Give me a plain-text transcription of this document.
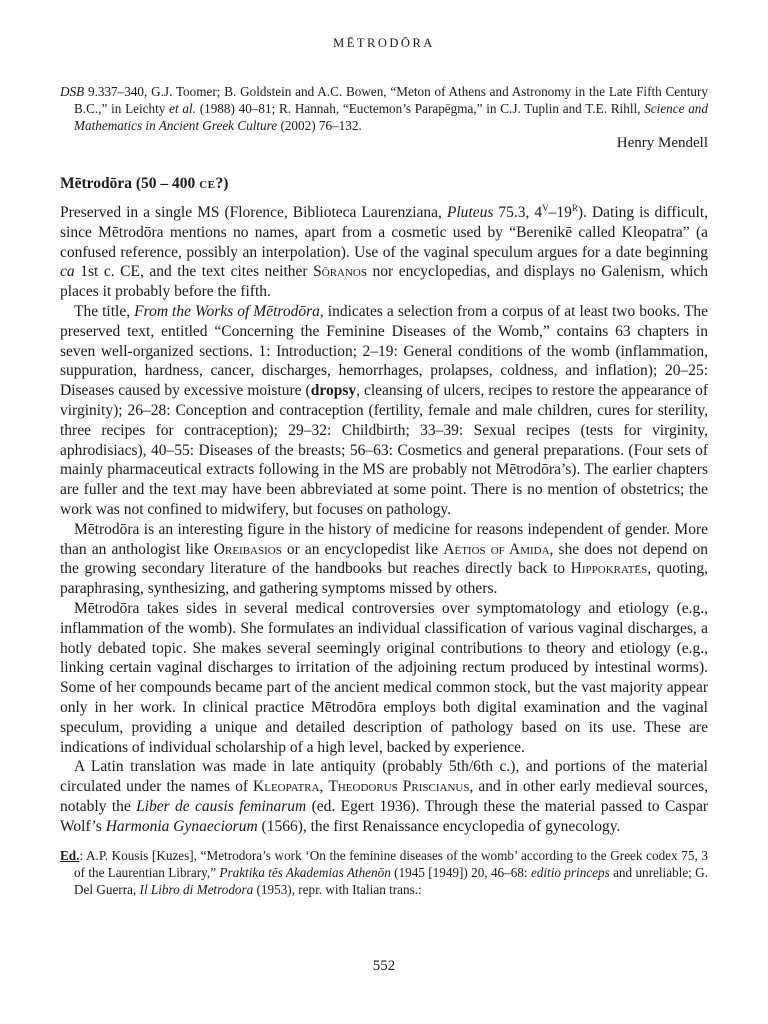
MĒTRODŌRA

DSB 9.337–340, G.J. Toomer; B. Goldstein and A.C. Bowen, “Meton of Athens and Astronomy in the Late Fifth Century B.C.,” in Leichty et al. (1988) 40–81; R. Hannah, “Euctemon’s Parapēgma,” in C.J. Tuplin and T.E. Rihll, Science and Mathematics in Ancient Greek Culture (2002) 76–132.

Henry Mendell
Mētrodōra (50 – 400 CE?)

Preserved in a single MS (Florence, Biblioteca Laurenziana, Pluteus 75.3, $4^V-19^R$). Dating is difficult, since Mētrodōra mentions no names, apart from a cosmetic used by “Berenikē called Kleopatra” (a confused reference, possibly an interpolation). Use of the vaginal speculum argues for a date beginning ca 1st c. CE, and the text cites neither Sōranos nor encyclopedias, and displays no Galenism, which places it probably before the fifth.

The title, From the Works of Mētrodōra, indicates a selection from a corpus of at least two books. The preserved text, entitled “Concerning the Feminine Diseases of the Womb,” contains 63 chapters in seven well-organized sections. 1: Introduction; 2–19: General conditions of the womb (inflammation, suppuration, hardness, cancer, discharges, hemorrhages, prolapses, coldness, and inflation); 20–25: Diseases caused by excessive moisture (dropsy, cleansing of ulcers, recipes to restore the appearance of virginity); 26–28: Conception and contraception (fertility, female and male children, cures for sterility, three recipes for contraception); 29–32: Childbirth; 33–39: Sexual recipes (tests for virginity, aphrodisiacs), 40–55: Diseases of the breasts; 56–63: Cosmetics and general preparations. (Four sets of mainly pharmaceutical extracts following in the MS are probably not Mētrodōra’s). The earlier chapters are fuller and the text may have been abbreviated at some point. There is no mention of obstetrics; the work was not confined to midwifery, but focuses on pathology.

Mētrodōra is an interesting figure in the history of medicine for reasons independent of gender. More than an anthologist like Oreibasios or an encyclopedist like Aëtios of Amida, she does not depend on the growing secondary literature of the handbooks but reaches directly back to Hippokratēs, quoting, paraphrasing, synthesizing, and gathering symptoms missed by others.

Mētrodōra takes sides in several medical controversies over symptomatology and etiology (e.g., inflammation of the womb). She formulates an individual classification of various vaginal discharges, a hotly debated topic. She makes several seemingly original contributions to theory and etiology (e.g., linking certain vaginal discharges to irritation of the adjoining rectum produced by intestinal worms). Some of her compounds became part of the ancient medical common stock, but the vast majority appear only in her work. In clinical practice Mētrodōra employs both digital examination and the vaginal speculum, providing a unique and detailed description of pathology based on its use. These are indications of individual scholarship of a high level, backed by experience.

A Latin translation was made in late antiquity (probably 5th/6th c.), and portions of the material circulated under the names of Kleopatra, Theodorus Priscianus, and in other early medieval sources, notably the Liber de causis feminarum (ed. Egert 1936). Through these the material passed to Caspar Wolf’s Harmonia Gynaeciorum (1566), the first Renaissance encyclopedia of gynecology.

Ed.: A.P. Kousis [Kuzes], “Metrodora’s work ‘On the feminine diseases of the womb’ according to the Greek codex 75, 3 of the Laurentian Library,” Praktika tēs Akademias Athenōn (1945 [1949]) 20, 46–68: editio princeps and unreliable; G. Del Guerra, Il Libro di Metrodora (1953), repr. with Italian trans.:

552
